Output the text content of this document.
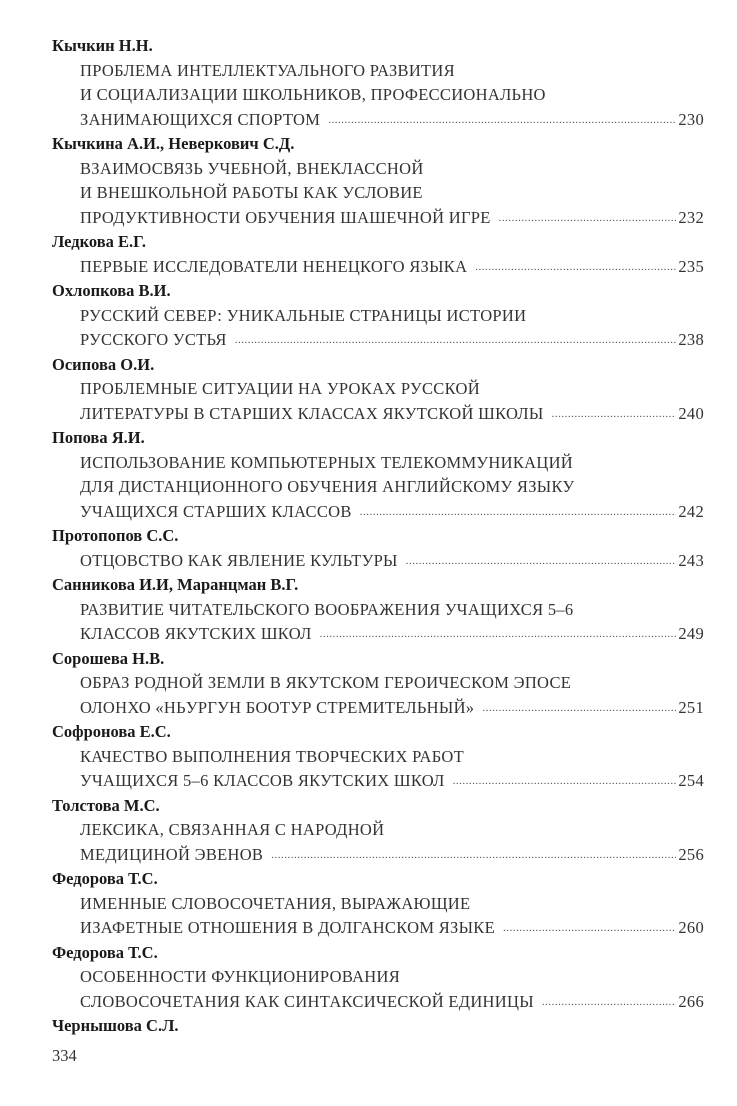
Кычкин Н.Н.
ПРОБЛЕМА ИНТЕЛЛЕКТУАЛЬНОГО РАЗВИТИЯ
И СОЦИАЛИЗАЦИИ ШКОЛЬНИКОВ, ПРОФЕССИОНАЛЬНО
ЗАНИМАЮЩИХСЯ СПОРТОМ .....	230
Кычкина А.И., Неверкович С.Д.
ВЗАИМОСВЯЗЬ УЧЕБНОЙ, ВНЕКЛАССНОЙ
И ВНЕШКОЛЬНОЙ РАБОТЫ КАК УСЛОВИЕ
ПРОДУКТИВНОСТИ ОБУЧЕНИЯ ШАШЕЧНОЙ ИГРЕ .....	232
Ледкова Е.Г.
ПЕРВЫЕ ИССЛЕДОВАТЕЛИ НЕНЕЦКОГО ЯЗЫКА .....	235
Охлопкова В.И.
РУССКИЙ СЕВЕР: УНИКАЛЬНЫЕ СТРАНИЦЫ ИСТОРИИ
РУССКОГО УСТЬЯ .....	238
Осипова О.И.
ПРОБЛЕМНЫЕ СИТУАЦИИ НА УРОКАХ РУССКОЙ
ЛИТЕРАТУРЫ В СТАРШИХ КЛАССАХ ЯКУТСКОЙ ШКОЛЫ .....	240
Попова Я.И.
ИСПОЛЬЗОВАНИЕ КОМПЬЮТЕРНЫХ ТЕЛЕКОММУНИКАЦИЙ
ДЛЯ ДИСТАНЦИОННОГО ОБУЧЕНИЯ АНГЛИЙСКОМУ ЯЗЫКУ
УЧАЩИХСЯ СТАРШИХ КЛАССОВ .....	242
Протопопов С.С.
ОТЦОВСТВО КАК ЯВЛЕНИЕ КУЛЬТУРЫ .....	243
Санникова И.И, Маранцман В.Г.
РАЗВИТИЕ ЧИТАТЕЛЬСКОГО ВООБРАЖЕНИЯ УЧАЩИХСЯ 5–6
КЛАССОВ ЯКУТСКИХ ШКОЛ .....	249
Сорошева Н.В.
ОБРАЗ РОДНОЙ ЗЕМЛИ В ЯКУТСКОМ ГЕРОИЧЕСКОМ ЭПОСЕ
ОЛОНХО «НЬУРГУН БООТУР СТРЕМИТЕЛЬНЫЙ» .....	251
Софронова Е.С.
КАЧЕСТВО ВЫПОЛНЕНИЯ ТВОРЧЕСКИХ РАБОТ
УЧАЩИХСЯ 5–6 КЛАССОВ ЯКУТСКИХ ШКОЛ .....	254
Толстова М.С.
ЛЕКСИКА, СВЯЗАННАЯ С НАРОДНОЙ
МЕДИЦИНОЙ ЭВЕНОВ .....	256
Федорова Т.С.
ИМЕННЫЕ СЛОВОСОЧЕТАНИЯ, ВЫРАЖАЮЩИЕ
ИЗАФЕТНЫЕ ОТНОШЕНИЯ В ДОЛГАНСКОМ ЯЗЫКЕ .....	260
Федорова Т.С.
ОСОБЕННОСТИ ФУНКЦИОНИРОВАНИЯ
СЛОВОСОЧЕТАНИЯ КАК СИНТАКСИЧЕСКОЙ ЕДИНИЦЫ .....	266
Чернышова С.Л.
334
